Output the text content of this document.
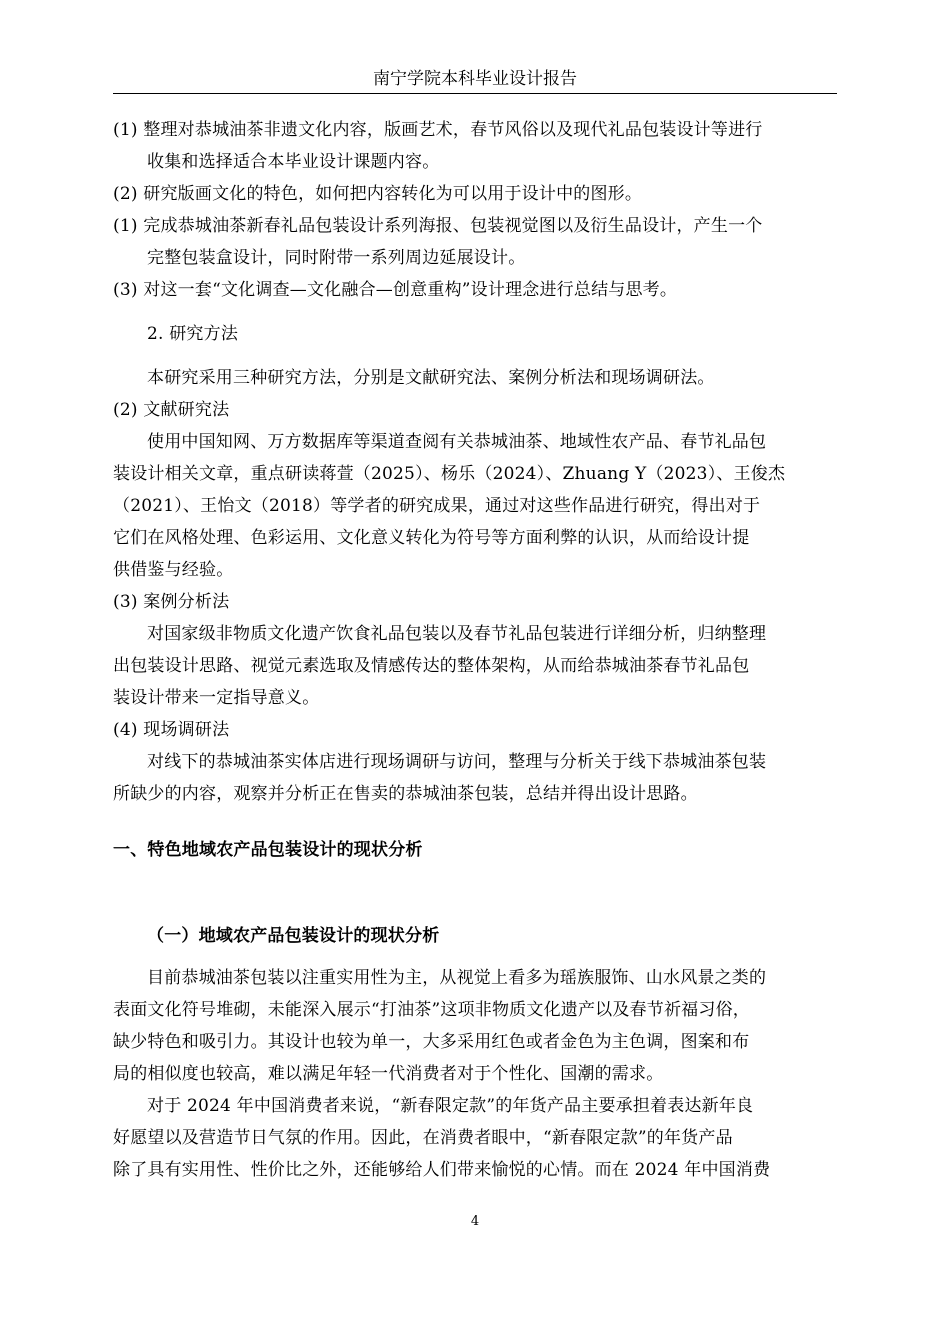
南宁学院本科毕业设计报告
(1) 整理对恭城油茶非遗文化内容，版画艺术，春节风俗以及现代礼品包装设计等进行
收集和选择适合本毕业设计课题内容。
(2) 研究版画文化的特色，如何把内容转化为可以用于设计中的图形。
(1) 完成恭城油茶新春礼品包装设计系列海报、包装视觉图以及衍生品设计，产生一个
完整包装盒设计，同时附带一系列周边延展设计。
(3) 对这一套“文化调查—文化融合—创意重构”设计理念进行总结与思考。
2. 研究方法
本研究采用三种研究方法，分别是文献研究法、案例分析法和现场调研法。
(2) 文献研究法
使用中国知网、万方数据库等渠道查阅有关恭城油茶、地域性农产品、春节礼品包
装设计相关文章，重点研读蒋萱（2025）、杨乐（2024）、Zhuang Y（2023）、王俊杰
（2021）、王怡文（2018）等学者的研究成果，通过对这些作品进行研究，得出对于
它们在风格处理、色彩运用、文化意义转化为符号等方面利弊的认识，从而给设计提
供借鉴与经验。
(3) 案例分析法
对国家级非物质文化遗产饮食礼品包装以及春节礼品包装进行详细分析，归纳整理
出包装设计思路、视觉元素选取及情感传达的整体架构，从而给恭城油茶春节礼品包
装设计带来一定指导意义。
(4) 现场调研法
对线下的恭城油茶实体店进行现场调研与访问，整理与分析关于线下恭城油茶包装
所缺少的内容，观察并分析正在售卖的恭城油茶包装，总结并得出设计思路。
一、特色地域农产品包装设计的现状分析
（一）地域农产品包装设计的现状分析
目前恭城油茶包装以注重实用性为主，从视觉上看多为瑶族服饰、山水风景之类的
表面文化符号堆砌，未能深入展示“打油茶”这项非物质文化遗产以及春节祈福习俗，
缺少特色和吸引力。其设计也较为单一，大多采用红色或者金色为主色调，图案和布
局的相似度也较高，难以满足年轻一代消费者对于个性化、国潮的需求。
对于 2024 年中国消费者来说，“新春限定款”的年货产品主要承担着表达新年良
好愿望以及营造节日气氛的作用。因此，在消费者眼中，“新春限定款”的年货产品
除了具有实用性、性价比之外，还能够给人们带来愉悦的心情。而在 2024 年中国消费
4
